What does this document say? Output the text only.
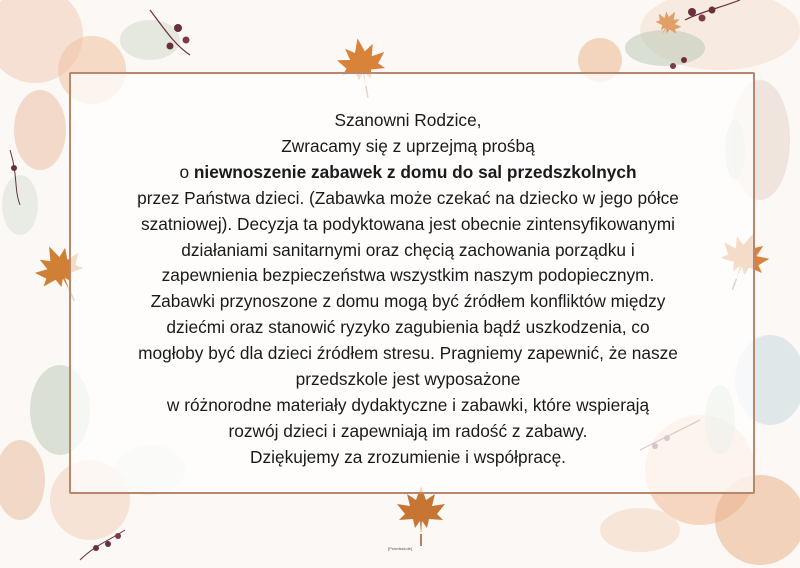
Szanowni Rodzice,
Zwracamy się z uprzejmą prośbą
o niewnoszenie zabawek z domu do sal przedszkolnych
przez Państwa dzieci. (Zabawka może czekać na dziecko w jego półce
szatniowej). Decyzja ta podyktowana jest obecnie zintensyfikowanymi
działaniami sanitarnymi oraz chęcią zachowania porządku i
zapewnienia bezpieczeństwa wszystkim naszym podopiecznym.
Zabawki przynoszone z domu mogą być źródłem konfliktów między
dziećmi oraz stanowić ryzyko zagubienia bądź uszkodzenia, co
mogłoby być dla dzieci źródłem stresu. Pragniemy zapewnić, że nasze
przedszkole jest wyposażone
w różnorodne materiały dydaktyczne i zabawki, które wspierają
rozwój dzieci i zapewniają im radość z zabawy.
Dziękujemy za zrozumienie i współpracę.
[Przedszkole]
